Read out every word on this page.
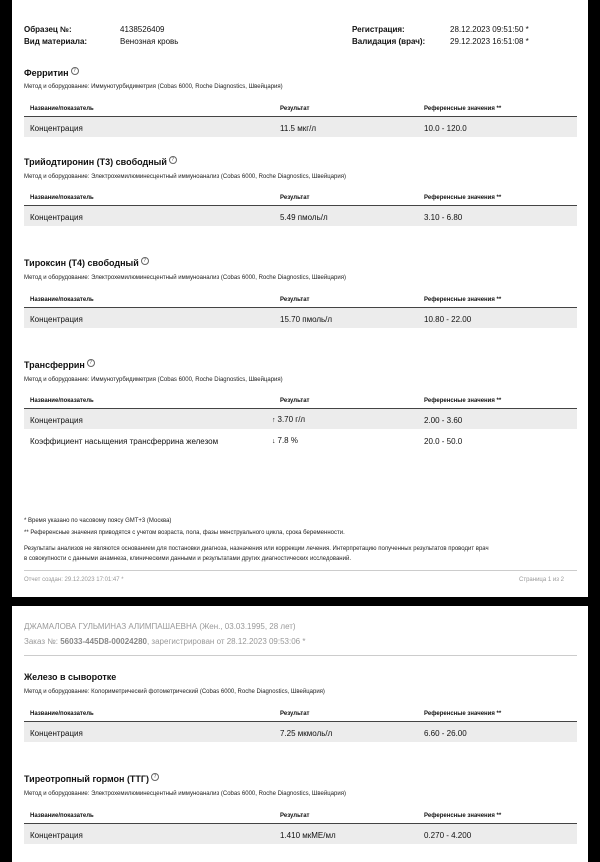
Образец №:	4138526409
Вид материала:	Венозная кровь
Регистрация:	28.12.2023 09:51:50 *
Валидация (врач):	29.12.2023 16:51:08 *
Ферритин ?
Метод и оборудование: Иммунотурбидиметрия (Cobas 6000, Roche Diagnostics, Швейцария)
Название/показатель	Результат	Референсные значения **
Концентрация	11.5 мкг/л	10.0 - 120.0
Трийодтиронин (Т3) свободный ?
Метод и оборудование: Электрохемилюминесцентный иммуноанализ (Cobas 6000, Roche Diagnostics, Швейцария)
Название/показатель	Результат	Референсные значения **
Концентрация	5.49 пмоль/л	3.10 - 6.80
Тироксин (Т4) свободный ?
Метод и оборудование: Электрохемилюминесцентный иммуноанализ (Cobas 6000, Roche Diagnostics, Швейцария)
Название/показатель	Результат	Референсные значения **
Концентрация	15.70 пмоль/л	10.80 - 22.00
Трансферрин ?
Метод и оборудование: Иммунотурбидиметрия (Cobas 6000, Roche Diagnostics, Швейцария)
Название/показатель	Результат	Референсные значения **
Концентрация	↑ 3.70 г/л	2.00 - 3.60
Коэффициент насыщения трансферрина железом	↓ 7.8 %	20.0 - 50.0
* Время указано по часовому поясу GMT+3 (Москва)
** Референсные значения приводятся с учетом возраста, пола, фазы менструального цикла, срока беременности.
Результаты анализов не являются основанием для постановки диагноза, назначения или коррекции лечения. Интерпретацию полученных результатов проводит врач
в совокупности с данными анамнеза, клиническими данными и результатами других диагностических исследований.
Отчет создан: 29.12.2023 17:01:47 *	Страница 1 из 2
ДЖАМАЛОВА ГУЛЬМИНАЗ АЛИМПАШАЕВНА (Жен., 03.03.1995, 28 лет)
Заказ №: 56033-445D8-00024280, зарегистрирован от 28.12.2023 09:53:06 *
Железо в сыворотке
Метод и оборудование: Колориметрический фотометрический (Cobas 6000, Roche Diagnostics, Швейцария)
Название/показатель	Результат	Референсные значения **
Концентрация	7.25 мкмоль/л	6.60 - 26.00
Тиреотропный гормон (ТТГ) ?
Метод и оборудование: Электрохемилюминесцентный иммуноанализ (Cobas 6000, Roche Diagnostics, Швейцария)
Название/показатель	Результат	Референсные значения **
Концентрация	1.410 мкМЕ/мл	0.270 - 4.200
